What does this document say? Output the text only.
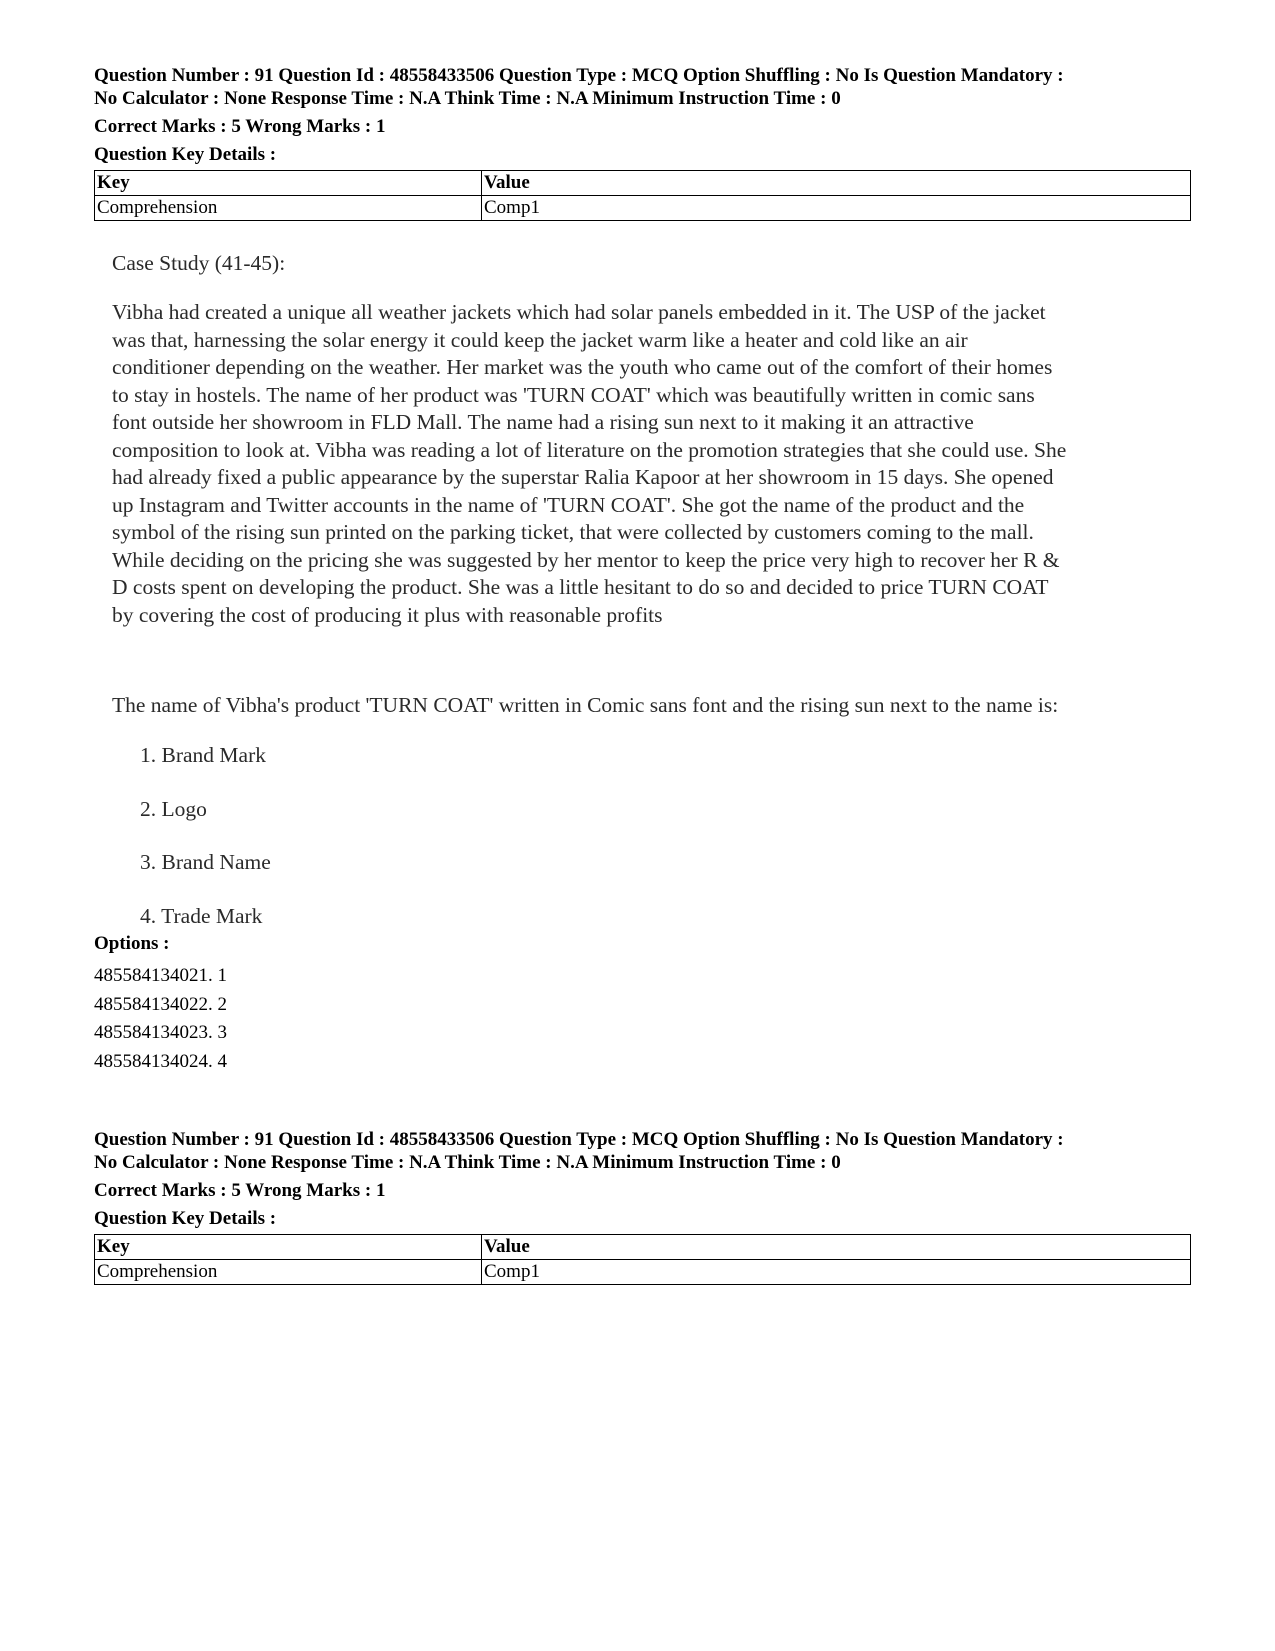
Question Number : 91 Question Id : 48558433506 Question Type : MCQ Option Shuffling : No Is Question Mandatory :
No Calculator : None Response Time : N.A Think Time : N.A Minimum Instruction Time : 0
Correct Marks : 5 Wrong Marks : 1
Question Key Details :
Key	Value
Comprehension	Comp1
Case Study (41-45):
Vibha had created a unique all weather jackets which had solar panels embedded in it. The USP of the jacket
was that, harnessing the solar energy it could keep the jacket warm like a heater and cold like an air
conditioner depending on the weather. Her market was the youth who came out of the comfort of their homes
to stay in hostels. The name of her product was 'TURN COAT' which was beautifully written in comic sans
font outside her showroom in FLD Mall. The name had a rising sun next to it making it an attractive
composition to look at. Vibha was reading a lot of literature on the promotion strategies that she could use. She
had already fixed a public appearance by the superstar Ralia Kapoor at her showroom in 15 days. She opened
up Instagram and Twitter accounts in the name of 'TURN COAT'. She got the name of the product and the
symbol of the rising sun printed on the parking ticket, that were collected by customers coming to the mall.
While deciding on the pricing she was suggested by her mentor to keep the price very high to recover her R &
D costs spent on developing the product. She was a little hesitant to do so and decided to price TURN COAT
by covering the cost of producing it plus with reasonable profits
The name of Vibha's product 'TURN COAT' written in Comic sans font and the rising sun next to the name is:
1. Brand Mark
2. Logo
3. Brand Name
4. Trade Mark
Options :
485584134021. 1
485584134022. 2
485584134023. 3
485584134024. 4
Question Number : 91 Question Id : 48558433506 Question Type : MCQ Option Shuffling : No Is Question Mandatory :
No Calculator : None Response Time : N.A Think Time : N.A Minimum Instruction Time : 0
Correct Marks : 5 Wrong Marks : 1
Question Key Details :
Key	Value
Comprehension	Comp1
